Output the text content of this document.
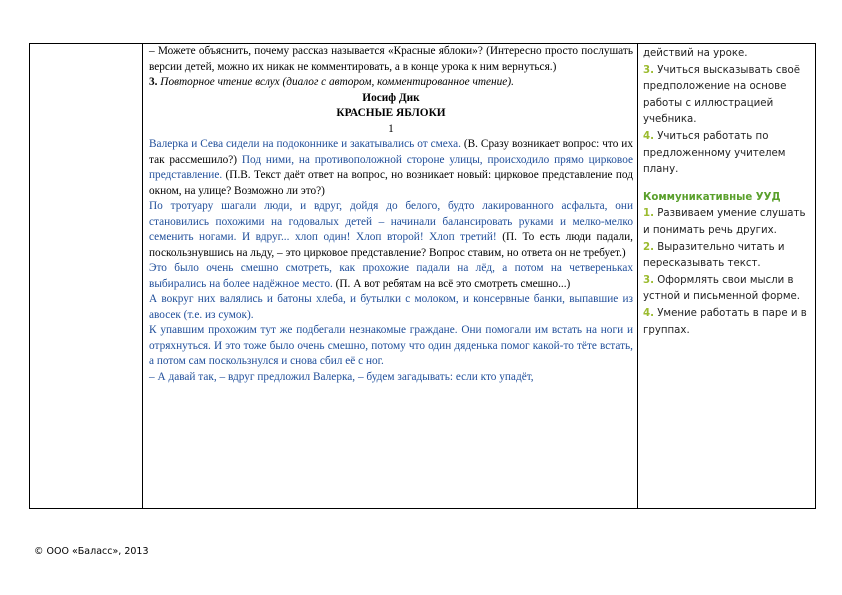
– Можете объяснить, почему рассказ называется «Красные яблоки»? (Интересно просто послушать версии детей, можно их никак не комментировать, а в конце урока к ним вернуться.)

3. Повторное чтение вслух (диалог с автором, комментированное чтение).

Иосиф Дик

КРАСНЫЕ ЯБЛОКИ

1

Валерка и Сева сидели на подоконнике и закатывались от смеха. (В. Сразу возникает вопрос: что их так рассмешило?) Под ними, на противоположной стороне улицы, происходило прямо цирковое представление. (П.В. Текст даёт ответ на вопрос, но возникает новый: цирковое представление под окном, на улице? Возможно ли это?)

По тротуару шагали люди, и вдруг, дойдя до белого, будто лакированного асфальта, они становились похожими на годовалых детей – начинали балансировать руками и мелко-мелко семенить ногами. И вдруг... хлоп один! Хлоп второй! Хлоп третий! (П. То есть люди падали, поскользнувшись на льду, – это цирковое представление? Вопрос ставим, но ответа он не требует.)

Это было очень смешно смотреть, как прохожие падали на лёд, а потом на четвереньках выбирались на более надёжное место. (П. А вот ребятам на всё это смотреть смешно...)

А вокруг них валялись и батоны хлеба, и бутылки с молоком, и консервные банки, выпавшие из авосек (т.е. из сумок).

К упавшим прохожим тут же подбегали незнакомые граждане. Они помогали им встать на ноги и отряхнуться. И это тоже было очень смешно, потому что один дяденька помог какой-то тёте встать, а потом сам поскользнулся и снова сбил её с ног.

– А давай так, – вдруг предложил Валерка, – будем загадывать: если кто упадёт,

действий на уроке.

3. Учиться высказывать своё предположение на основе работы с иллюстрацией учебника.

4. Учиться работать по предложенному учителем плану.

Коммуникативные УУД

1. Развиваем умение слушать и понимать речь других.

2. Выразительно читать и пересказывать текст.

3. Оформлять свои мысли в устной и письменной форме.

4. Умение работать в паре и в группах.

© ООО «Баласс», 2013
